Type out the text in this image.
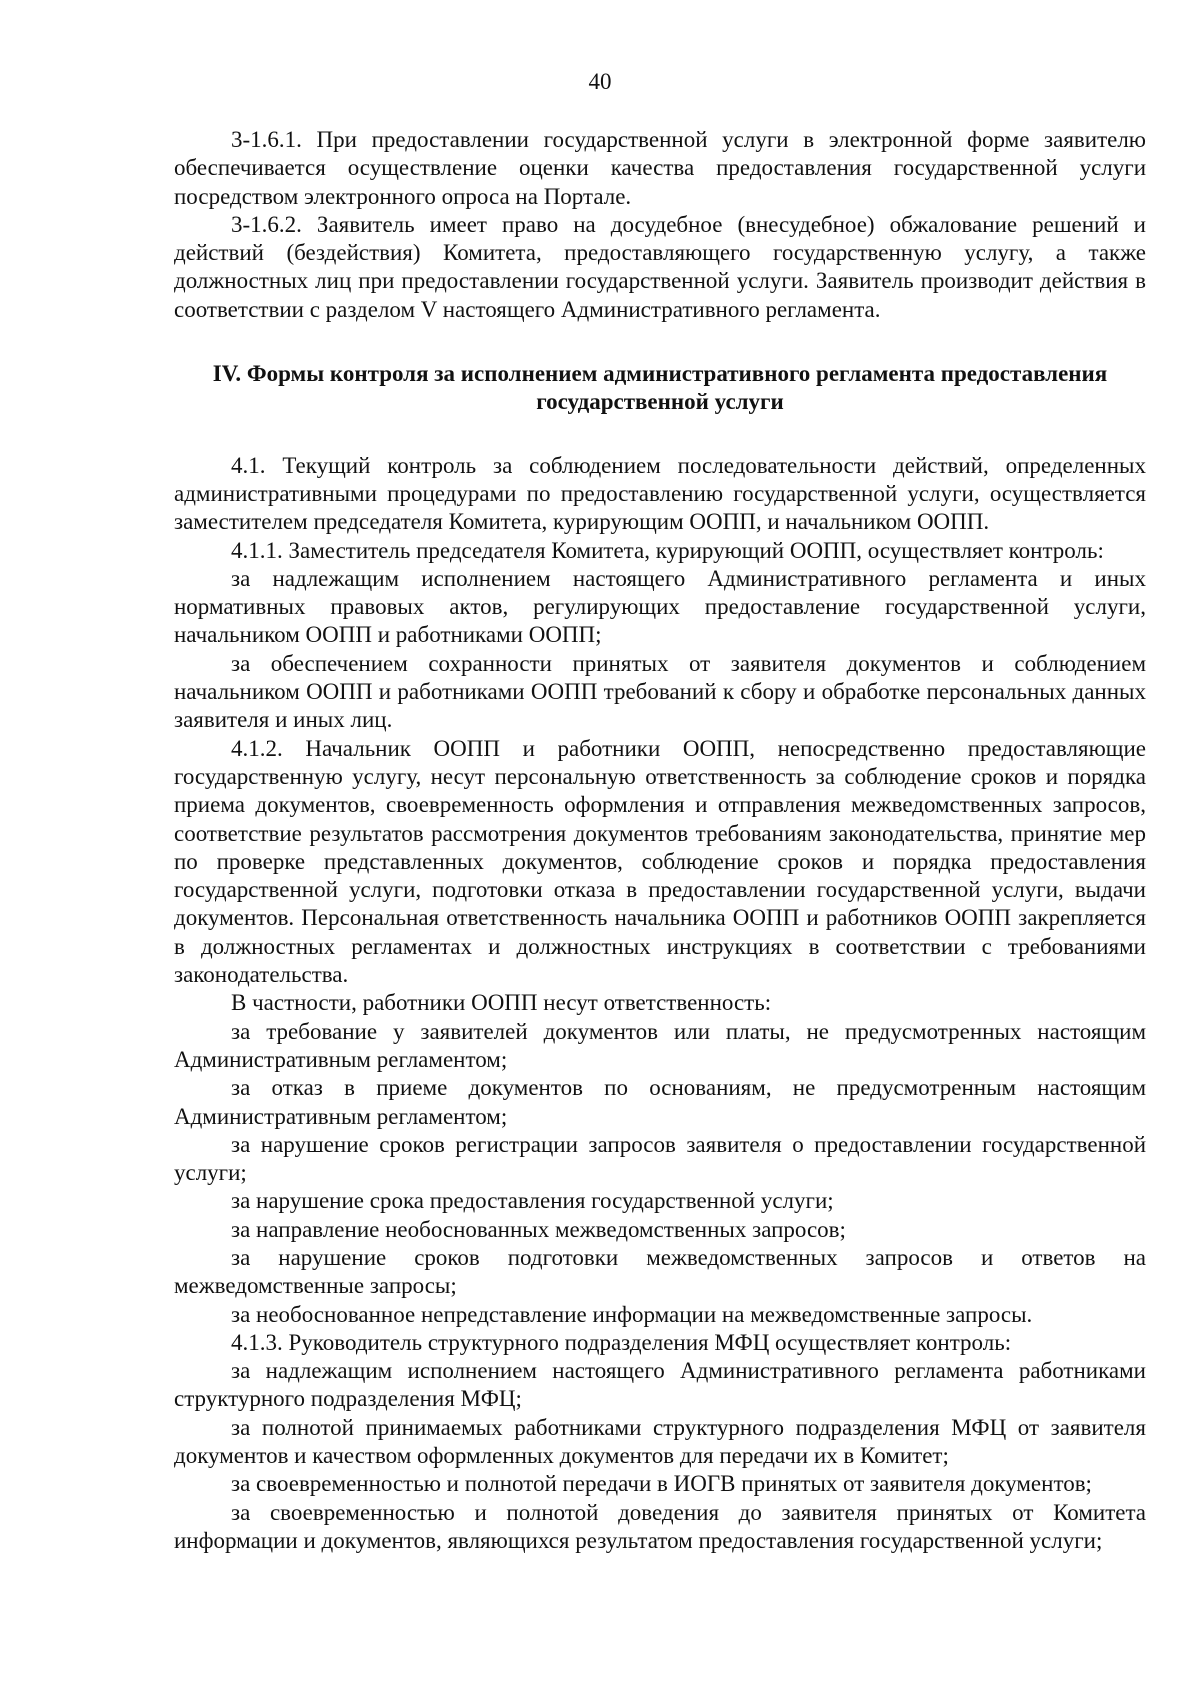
40

3-1.6.1. При предоставлении государственной услуги в электронной форме заявителю обеспечивается осуществление оценки качества предоставления государственной услуги посредством электронного опроса на Портале.

3-1.6.2. Заявитель имеет право на досудебное (внесудебное) обжалование решений и действий (бездействия) Комитета, предоставляющего государственную услугу, а также должностных лиц при предоставлении государственной услуги. Заявитель производит действия в соответствии с разделом V настоящего Административного регламента.

IV. Формы контроля за исполнением административного регламента предоставления государственной услуги

4.1. Текущий контроль за соблюдением последовательности действий, определенных административными процедурами по предоставлению государственной услуги, осуществляется заместителем председателя Комитета, курирующим ООПП, и начальником ООПП.

4.1.1. Заместитель председателя Комитета, курирующий ООПП, осуществляет контроль:

за надлежащим исполнением настоящего Административного регламента и иных нормативных правовых актов, регулирующих предоставление государственной услуги, начальником ООПП и работниками ООПП;

за обеспечением сохранности принятых от заявителя документов и соблюдением начальником ООПП и работниками ООПП требований к сбору и обработке персональных данных заявителя и иных лиц.

4.1.2. Начальник ООПП и работники ООПП, непосредственно предоставляющие государственную услугу, несут персональную ответственность за соблюдение сроков и порядка приема документов, своевременность оформления и отправления межведомственных запросов, соответствие результатов рассмотрения документов требованиям законодательства, принятие мер по проверке представленных документов, соблюдение сроков и порядка предоставления государственной услуги, подготовки отказа в предоставлении государственной услуги, выдачи документов. Персональная ответственность начальника ООПП и работников ООПП закрепляется в должностных регламентах и должностных инструкциях в соответствии с требованиями законодательства.

В частности, работники ООПП несут ответственность:

за требование у заявителей документов или платы, не предусмотренных настоящим Административным регламентом;

за отказ в приеме документов по основаниям, не предусмотренным настоящим Административным регламентом;

за нарушение сроков регистрации запросов заявителя о предоставлении государственной услуги;

за нарушение срока предоставления государственной услуги;

за направление необоснованных межведомственных запросов;

за нарушение сроков подготовки межведомственных запросов и ответов на межведомственные запросы;

за необоснованное непредставление информации на межведомственные запросы.

4.1.3. Руководитель структурного подразделения МФЦ осуществляет контроль:

за надлежащим исполнением настоящего Административного регламента работниками структурного подразделения МФЦ;

за полнотой принимаемых работниками структурного подразделения МФЦ от заявителя документов и качеством оформленных документов для передачи их в Комитет;

за своевременностью и полнотой передачи в ИОГВ принятых от заявителя документов;

за своевременностью и полнотой доведения до заявителя принятых от Комитета информации и документов, являющихся результатом предоставления государственной услуги;
